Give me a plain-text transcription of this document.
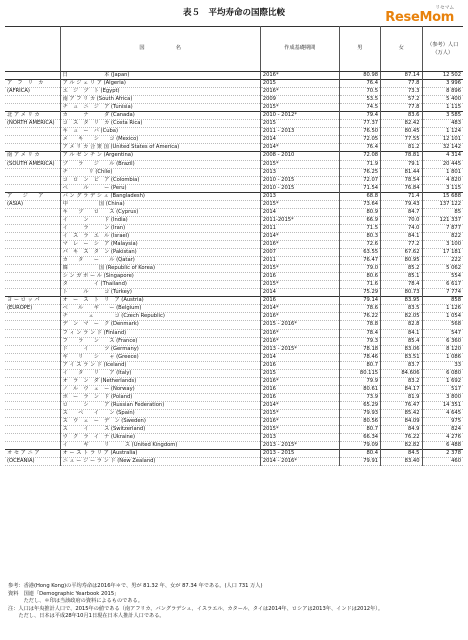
表５　平均寿命の国際比較	ReseMom
リセマム
	国　　　　　　名	作成基礎期間	男	女	（参考）人口（万人）
	日　　　　　　　本 (Japan)	2016*	80.98	87.14	12 502
ア　フ　リ　カ	ア ル ジ ェ リ ア (Algeria)	2015	76.4	77.8	3 996
(AFRICA)	エ　ジ　プ　ト (Egypt)	2016*	70.5	73.3	8 896
	南 ア フ リ カ (South Africa)	2009	53.5	57.2	5 400
	チ　ュ　ニ　ジ　ア (Tunisia)	2015*	74.5	77.8	1 115
北 ア メ リ カ	カ　　　ナ　　　ダ (Canada)	2010 - 2012*	79.4	83.6	3 585
(NORTH AMERICA)	コ　ス　タ　リ　カ (Costa Rica)	2015	77.37	82.42	483
	キ　ュ　ー　バ (Cuba)	2011 - 2013	76.50	80.45	1 124
	メ　　キ　　シ　　コ (Mexico)	2014	72.05	77.55	12 101
	ア メ リ カ 合 衆 国 (United States of America)	2014*	76.4	81.2	32 142
南 ア メ リ カ	ア ル ゼ ン チ ン (Argentina)	2008 - 2010	72.08	78.81	4 314
(SOUTH AMERICA)	ブ　　ラ　　ジ　　ル (Brazil)	2015*	71.9	79.1	20 445
	チ　　　　リ (Chile)	2013	76.25	81.44	1 801
	コ　ロ　ン　ビ　ア (Colombia)	2010 - 2015	72.07	78.54	4 820
	ペ　　　ル　　　ー (Peru)	2010 - 2015	71.54	76.84	3 115
ア　　ジ　　ア	バ ン グ ラ デ シ ュ (Bangladesh)	2013	68.8	71.4	15 688
(ASIA)	中　　　　　　国 (China)	2015*	73.64	79.43	137 122
	キ　　プ　　ロ　　ス (Cyprus)	2014	80.9	84.7	85
	イ　　　ン　　　ド (India)	2011-2015*	66.9	70.0	121 337
	イ　　　ラ　　　ン (Iran)	2011	71.5	74.0	7 877
	イ　ス　ラ　エ　ル (Israel)	2014*	80.3	84.1	822
	マ　レ　ー　シ　ア (Malaysia)	2016*	72.6	77.2	3 100
	パ　キ　ス　タ　ン (Pakistan)	2007	63.55	67.62	17 181
	カ　　タ　　ー　　ル (Qatar)	2011	76.47	80.95	222
	韓　　　　　　国 (Republic of Korea)	2015*	79.0	85.2	5 062
	シ ン ガ ポ ー ル (Singapore)	2016	80.6	85.1	554
	タ　　　　　イ (Thailand)	2015*	71.6	78.4	6 617
	ト　　　ル　　　コ (Turkey)	2014	75.29	80.73	7 774
ヨ ー ロ ッ パ	オ　ー　ス　ト　リ　ア (Austria)	2016	79.14	83.95	858
(EUROPE)	ベ　　ル　　ギ　　ー (Belgium)	2014*	78.6	83.5	1 126
	チ　　　　ェ　　　　コ (Czech Republic)	2016*	76.22	82.05	1 054
	デ　ン　マ　ー　ク (Denmark)	2015 - 2016*	78.8	82.8	568
	フ ィ ン ラ ン ド (Finland)	2016*	78.4	84.1	547
	フ　　ラ　　ン　　ス (France)	2016*	79.3	85.4	6 360
	ド　　　イ　　　ツ (Germany)	2013 - 2015*	78.18	83.06	8 120
	ギ　　リ　　シ　　ャ (Greece)	2014	78.46	83.51	1 086
	ア イ ス ラ ン ド (Iceland)	2016	80.7	83.7	33
	イ　　タ　　リ　　ア (Italy)	2015	80.115	84.606	6 080
	オ　ラ　ン　ダ (Netherlands)	2016*	79.9	83.2	1 692
	ノ　ル　ウ　ェ　ー (Norway)	2016	80.61	84.17	517
	ポ　ー　ラ　ン　ド (Poland)	2016	73.9	81.9	3 800
	ロ　　　シ　　　ア (Russian Federation)	2014*	65.29	76.47	14 351
	ス　　ペ　　イ　　ン (Spain)	2015*	79.93	85.42	4 645
	ス　ウ　ェ　ー　デ　ン (Sweden)	2016*	80.56	84.09	975
	ス　　　イ　　　ス (Switzerland)	2015*	80.7	84.9	824
	ウ　ク　ラ　イ　ナ (Ukraine)	2013	66.34	76.22	4 276
	イ　　　ギ　　　リ　　　ス (United Kingdom)	2013 - 2015*	79.09	82.82	6 488
オ セ ア ニ ア	オ ー ス ト ラ リ ア (Australia)	2013 - 2015	80.4	84.5	2 378
(OCEANIA)	ニ ュ ー ジ ー ラ ン ド (New Zealand)	2014 - 2016*	79.91	83.40	460
参考：香港(Hong Kong)の平均寿命は2016年＊で、男が 81.32 年、女が 87.34 年である。(人口 731 万人)
資料　国連「Demographic Yearbook 2015」
　　　ただし、＊印は当該政府の資料によるものである。
注：人口は年央推計人口で、2015年の値である（南アフリカ、バングラデシュ、イスラエル、カタール、タイは2014年、ロシアは2013年、インドは2012年）。
　　ただし、日本は平成28年10月1日現在日本人推計人口である。
